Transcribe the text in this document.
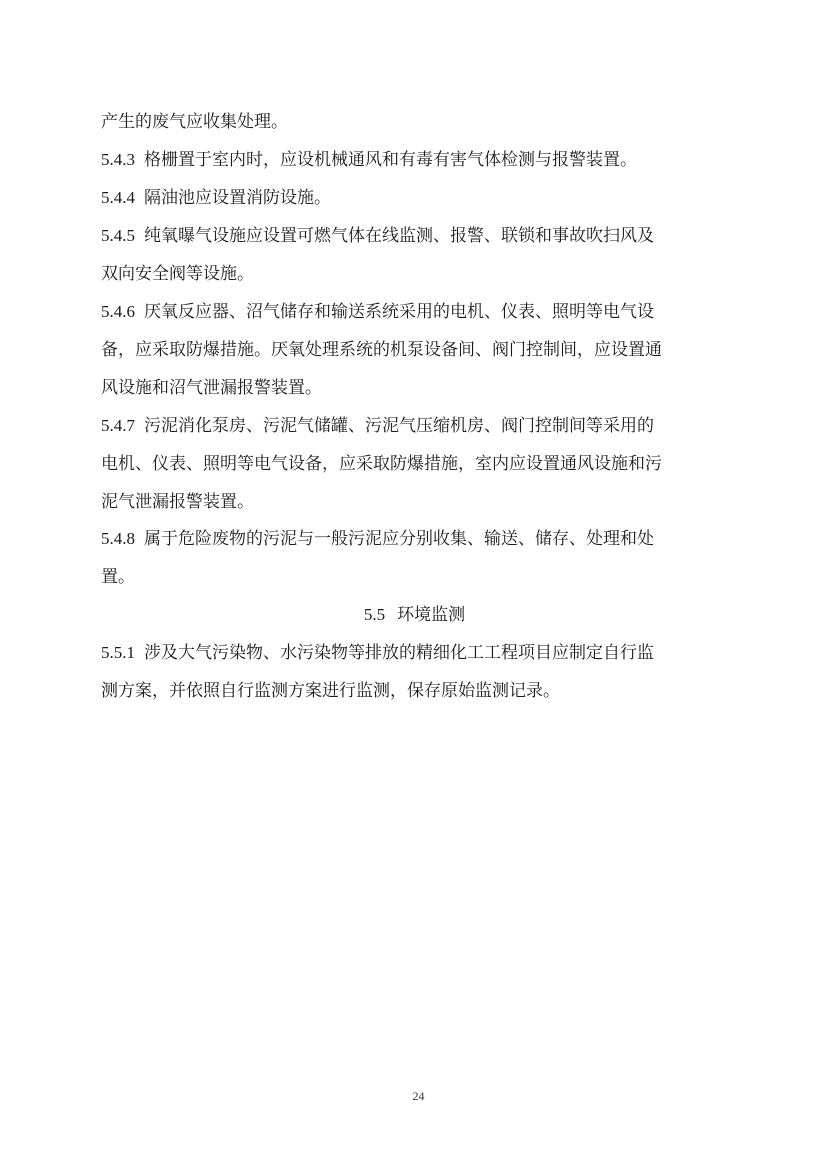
产生的废气应收集处理。
5.4.3 格栅置于室内时，应设机械通风和有毒有害气体检测与报警装置。
5.4.4 隔油池应设置消防设施。
5.4.5 纯氧曝气设施应设置可燃气体在线监测、报警、联锁和事故吹扫风及
双向安全阀等设施。
5.4.6 厌氧反应器、沼气储存和输送系统采用的电机、仪表、照明等电气设
备，应采取防爆措施。厌氧处理系统的机泵设备间、阀门控制间，应设置通
风设施和沼气泄漏报警装置。
5.4.7 污泥消化泵房、污泥气储罐、污泥气压缩机房、阀门控制间等采用的
电机、仪表、照明等电气设备，应采取防爆措施，室内应设置通风设施和污
泥气泄漏报警装置。
5.4.8 属于危险废物的污泥与一般污泥应分别收集、输送、储存、处理和处
置。
5.5 环境监测
5.5.1 涉及大气污染物、水污染物等排放的精细化工工程项目应制定自行监
测方案，并依照自行监测方案进行监测，保存原始监测记录。
24
